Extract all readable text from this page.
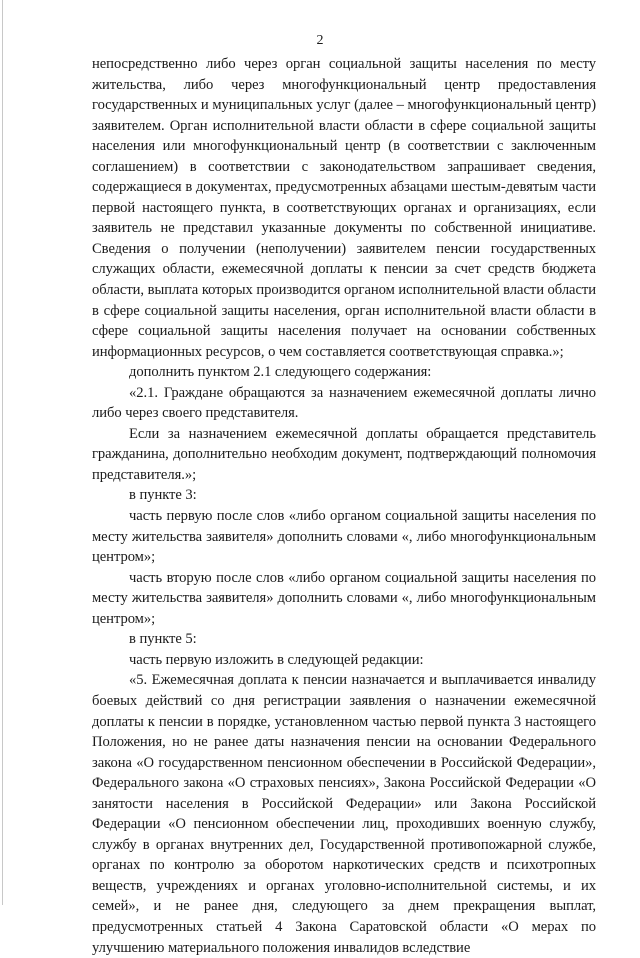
2

непосредственно либо через орган социальной защиты населения по месту жительства, либо через многофункциональный центр предоставления государственных и муниципальных услуг (далее – многофункциональный центр) заявителем. Орган исполнительной власти области в сфере социальной защиты населения или многофункциональный центр (в соответствии с заключенным соглашением) в соответствии с законодательством запрашивает сведения, содержащиеся в документах, предусмотренных абзацами шестым-девятым части первой настоящего пункта, в соответствующих органах и организациях, если заявитель не представил указанные документы по собственной инициативе. Сведения о получении (неполучении) заявителем пенсии государственных служащих области, ежемесячной доплаты к пенсии за счет средств бюджета области, выплата которых производится органом исполнительной власти области в сфере социальной защиты населения, орган исполнительной власти области в сфере социальной защиты населения получает на основании собственных информационных ресурсов, о чем составляется соответствующая справка.»;

дополнить пунктом 2.1 следующего содержания:

«2.1. Граждане обращаются за назначением ежемесячной доплаты лично либо через своего представителя.

Если за назначением ежемесячной доплаты обращается представитель гражданина, дополнительно необходим документ, подтверждающий полномочия представителя.»;

в пункте 3:

часть первую после слов «либо органом социальной защиты населения по месту жительства заявителя» дополнить словами «, либо многофункциональным центром»;

часть вторую после слов «либо органом социальной защиты населения по месту жительства заявителя» дополнить словами «, либо многофункциональным центром»;

в пункте 5:

часть первую изложить в следующей редакции:

«5. Ежемесячная доплата к пенсии назначается и выплачивается инвалиду боевых действий со дня регистрации заявления о назначении ежемесячной доплаты к пенсии в порядке, установленном частью первой пункта 3 настоящего Положения, но не ранее даты назначения пенсии на основании Федерального закона «О государственном пенсионном обеспечении в Российской Федерации», Федерального закона «О страховых пенсиях», Закона Российской Федерации «О занятости населения в Российской Федерации» или Закона Российской Федерации «О пенсионном обеспечении лиц, проходивших военную службу, службу в органах внутренних дел, Государственной противопожарной службе, органах по контролю за оборотом наркотических средств и психотропных веществ, учреждениях и органах уголовно-исполнительной системы, и их семей», и не ранее дня, следующего за днем прекращения выплат, предусмотренных статьей 4 Закона Саратовской области «О мерах по улучшению материального положения инвалидов вследствие
